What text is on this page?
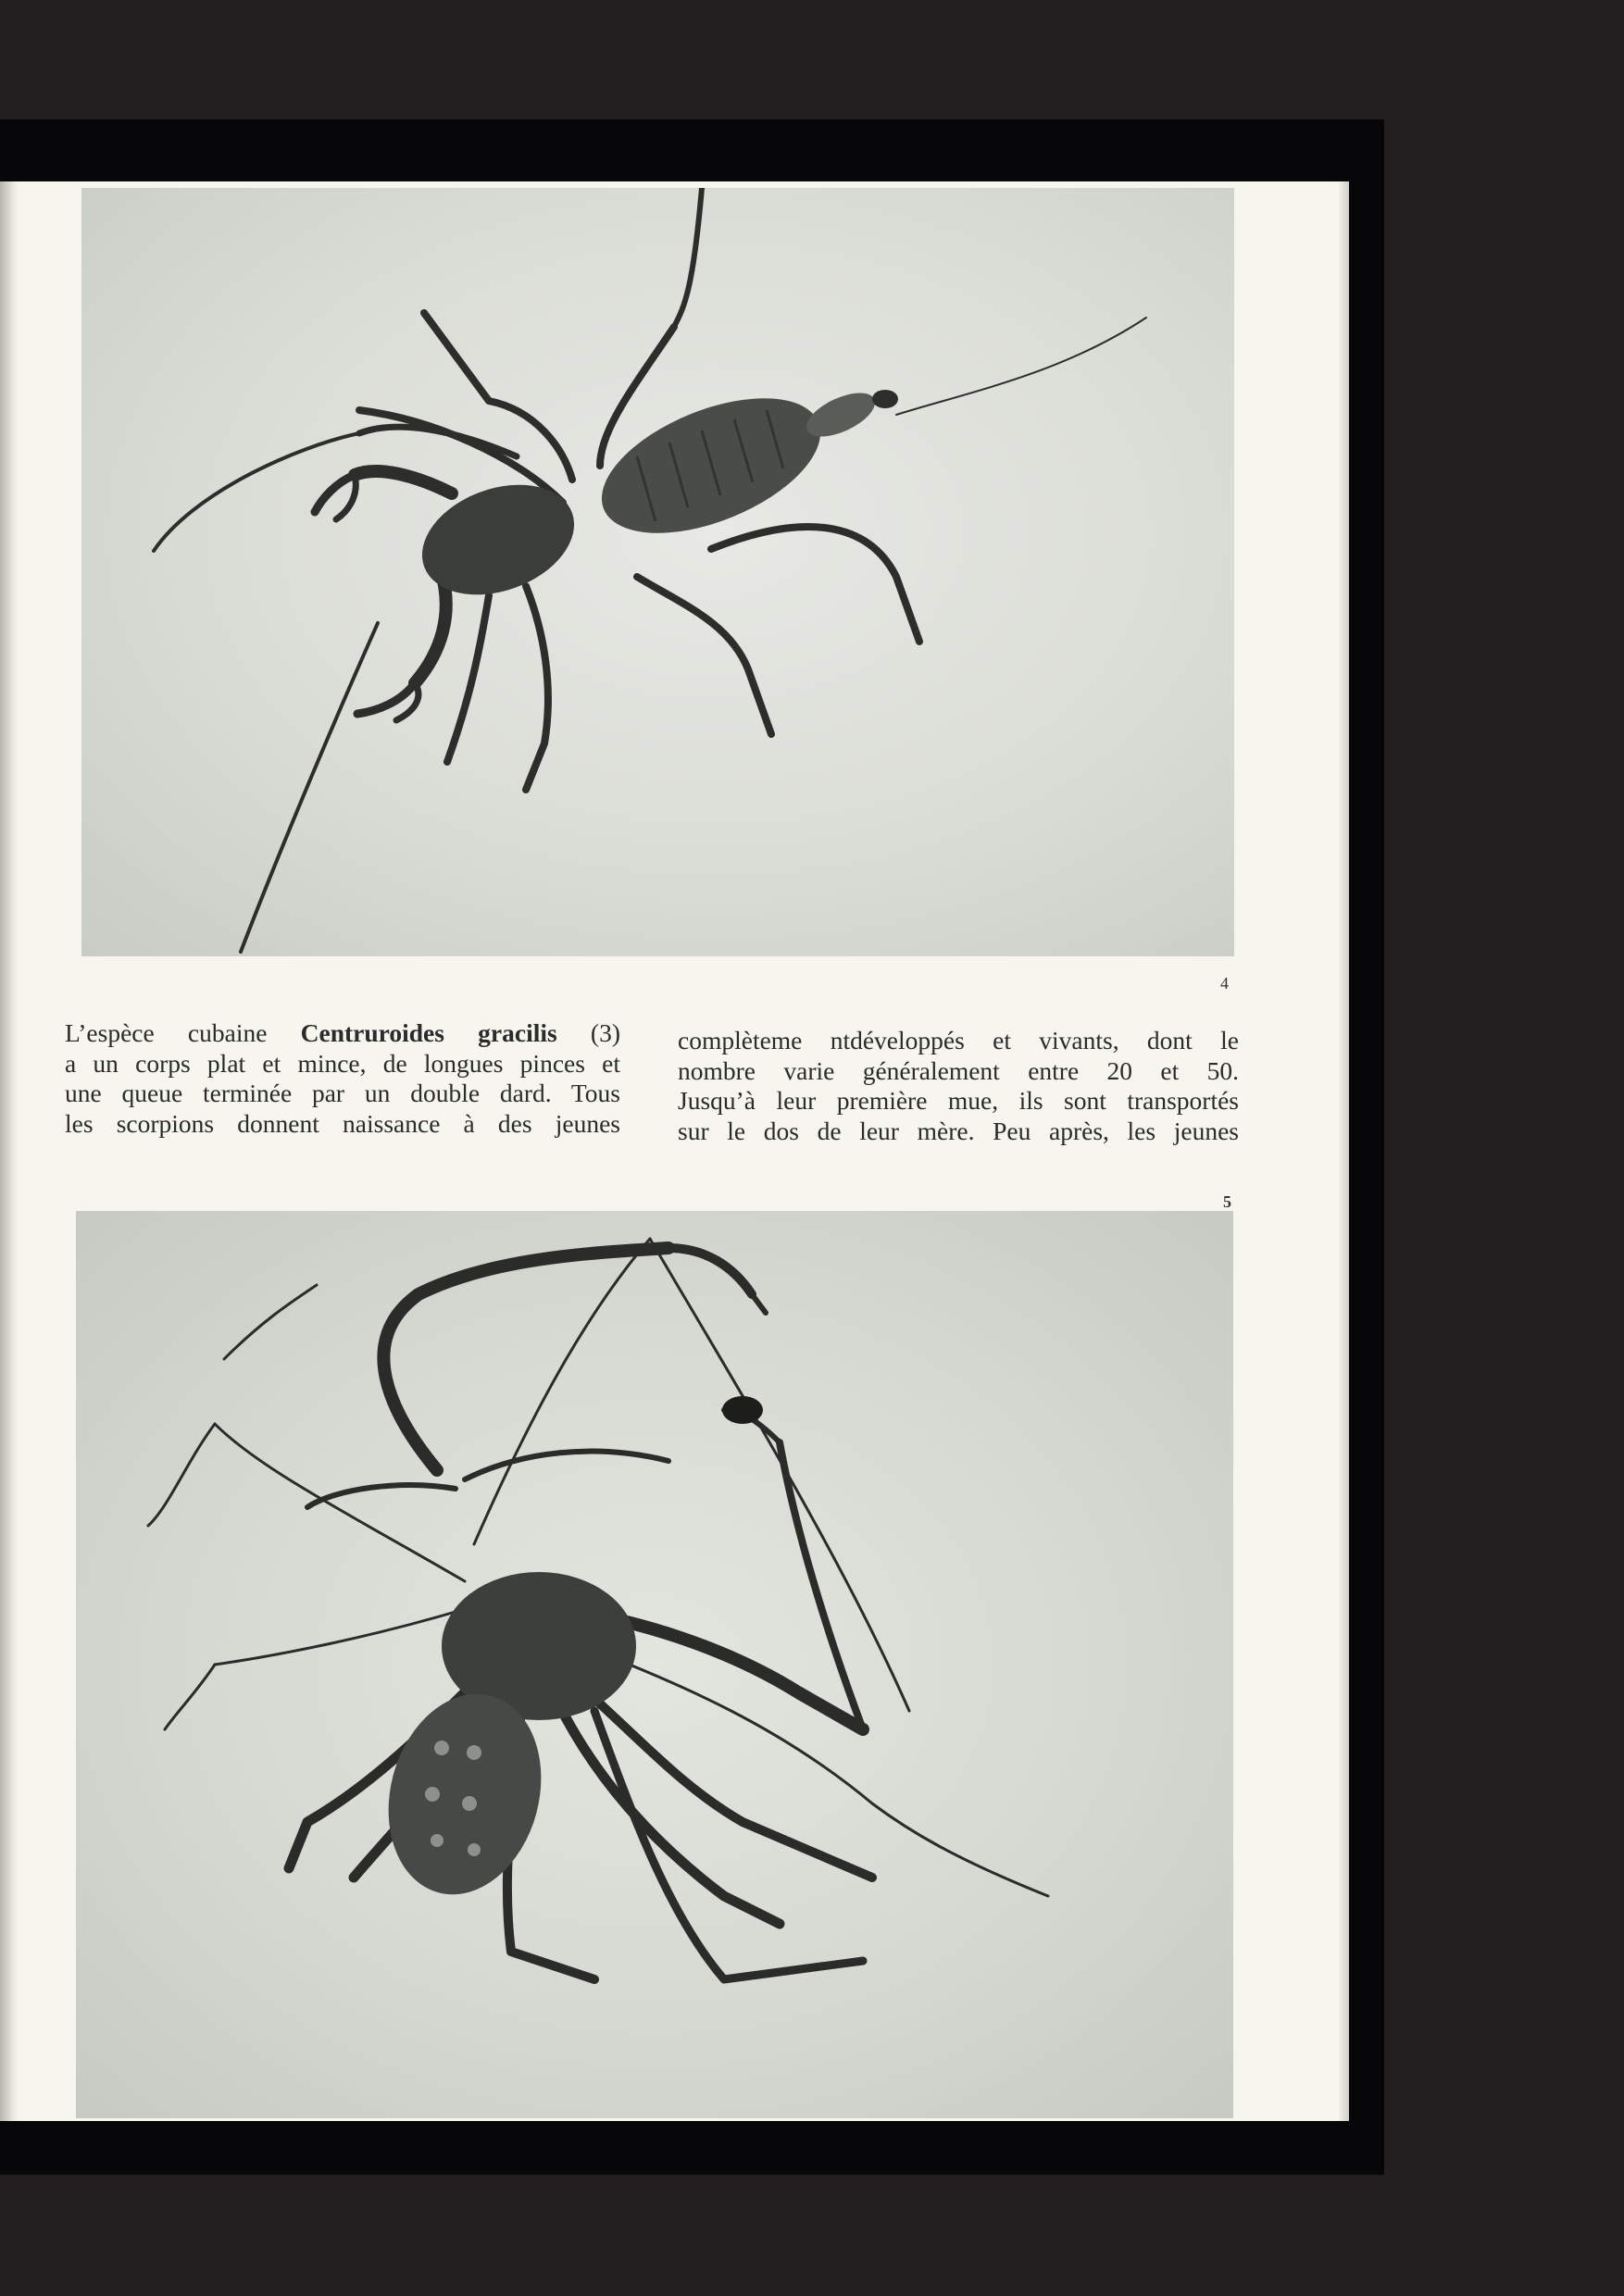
4
L’espèce cubaine Centruroides gracilis (3)
a un corps plat et mince, de longues pinces et
une queue terminée par un double dard. Tous
les scorpions donnent naissance à des jeunes
complèteme ntdéveloppés et vivants, dont le
nombre varie généralement entre 20 et 50.
Jusqu’à leur première mue, ils sont transportés
sur le dos de leur mère. Peu après, les jeunes
5
